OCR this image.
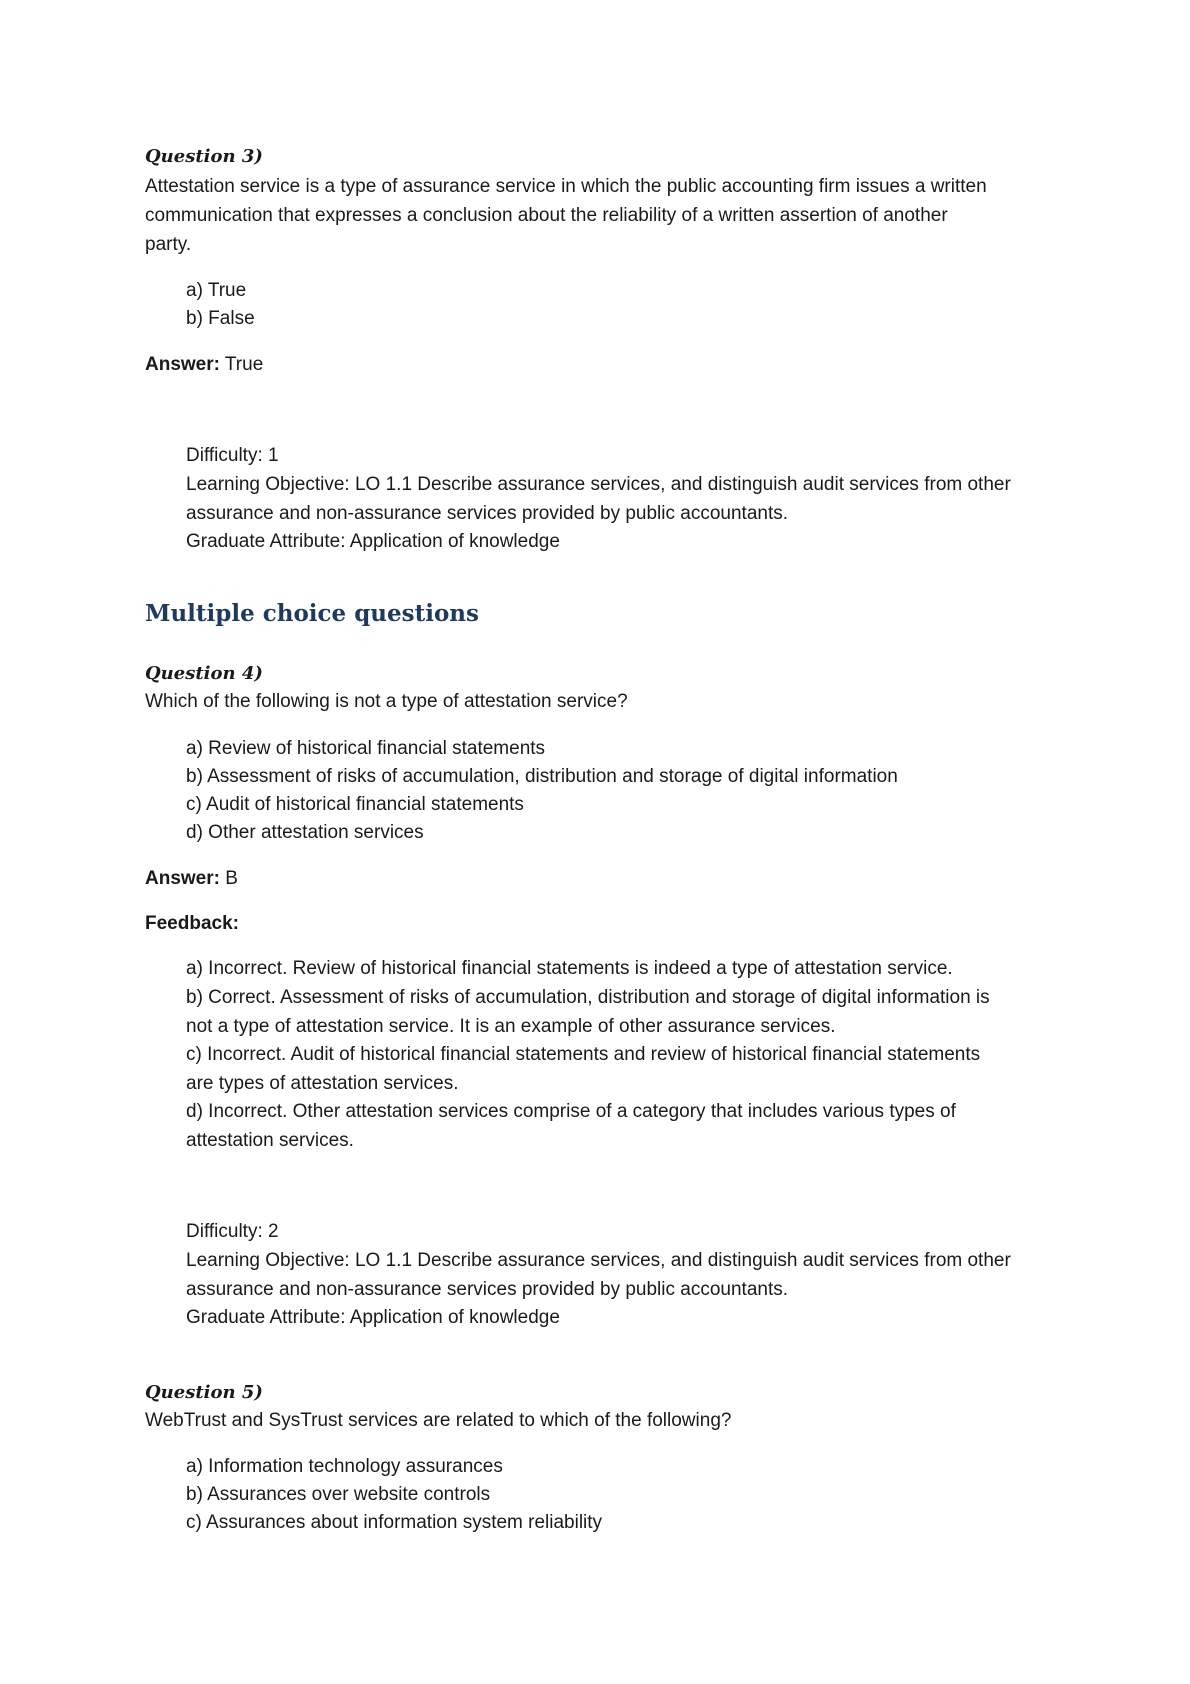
Question 3)
Attestation service is a type of assurance service in which the public accounting firm issues a written
communication that expresses a conclusion about the reliability of a written assertion of another
party.
a) True
b) False
Answer: True
Difficulty: 1
Learning Objective: LO 1.1 Describe assurance services, and distinguish audit services from other
assurance and non-assurance services provided by public accountants.
Graduate Attribute: Application of knowledge
Multiple choice questions
Question 4)
Which of the following is not a type of attestation service?
a) Review of historical financial statements
b) Assessment of risks of accumulation, distribution and storage of digital information
c) Audit of historical financial statements
d) Other attestation services
Answer: B
Feedback:
a) Incorrect. Review of historical financial statements is indeed a type of attestation service.
b) Correct. Assessment of risks of accumulation, distribution and storage of digital information is
not a type of attestation service. It is an example of other assurance services.
c) Incorrect. Audit of historical financial statements and review of historical financial statements
are types of attestation services.
d) Incorrect. Other attestation services comprise of a category that includes various types of
attestation services.
Difficulty: 2
Learning Objective: LO 1.1 Describe assurance services, and distinguish audit services from other
assurance and non-assurance services provided by public accountants.
Graduate Attribute: Application of knowledge
Question 5)
WebTrust and SysTrust services are related to which of the following?
a) Information technology assurances
b) Assurances over website controls
c) Assurances about information system reliability
